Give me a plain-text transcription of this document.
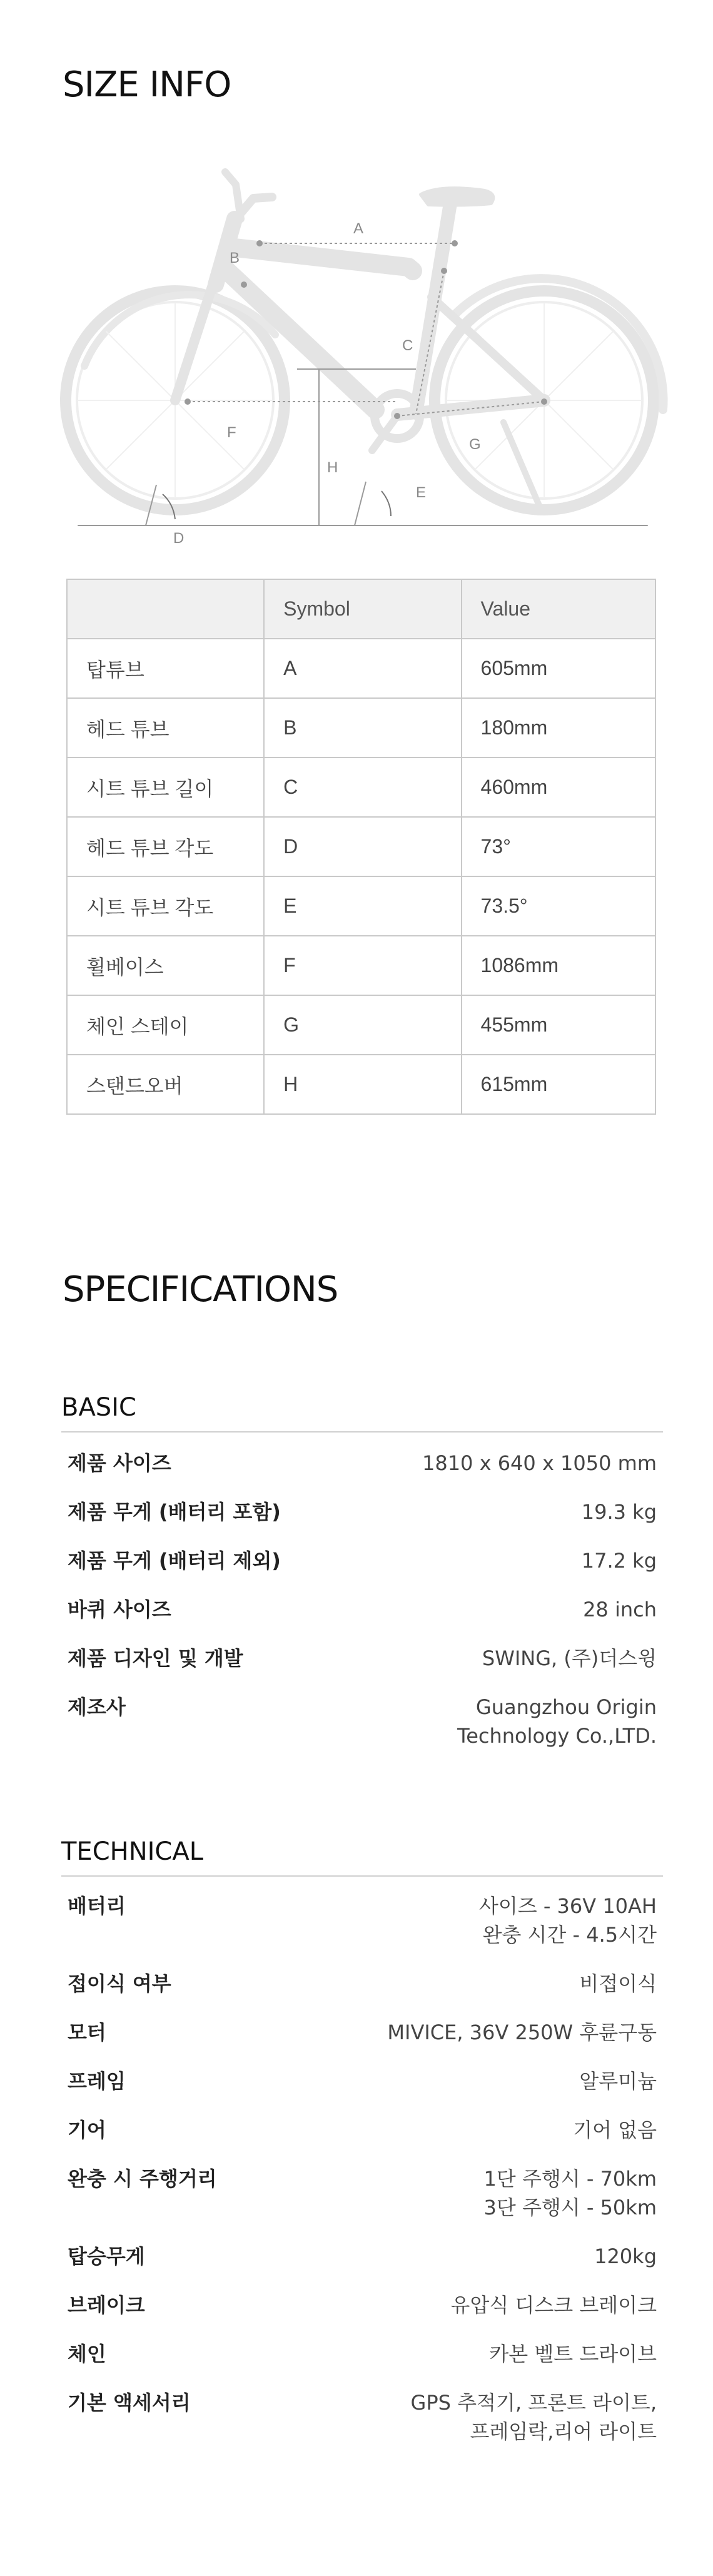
SIZE INFO
A
B
C
D
E
F
G
H
	Symbol	Value
탑튜브	A	605mm
헤드 튜브	B	180mm
시트 튜브 길이	C	460mm
헤드 튜브 각도	D	73°
시트 튜브 각도	E	73.5°
휠베이스	F	1086mm
체인 스테이	G	455mm
스탠드오버	H	615mm
SPECIFICATIONS
BASIC
제품 사이즈	1810 x 640 x 1050 mm
제품 무게 (배터리 포함)	19.3 kg
제품 무게 (배터리 제외)	17.2 kg
바퀴 사이즈	28 inch
제품 디자인 및 개발	SWING, (주)더스윙
제조사	Guangzhou Origin
Technology Co.,LTD.
TECHNICAL
배터리	사이즈 - 36V 10AH
완충 시간 - 4.5시간
접이식 여부	비접이식
모터	MIVICE, 36V 250W 후륜구동
프레임	알루미늄
기어	기어 없음
완충 시 주행거리	1단 주행시 - 70km
3단 주행시 - 50km
탑승무게	120kg
브레이크	유압식 디스크 브레이크
체인	카본 벨트 드라이브
기본 액세서리	GPS 추적기, 프론트 라이트,
프레임락,리어 라이트
